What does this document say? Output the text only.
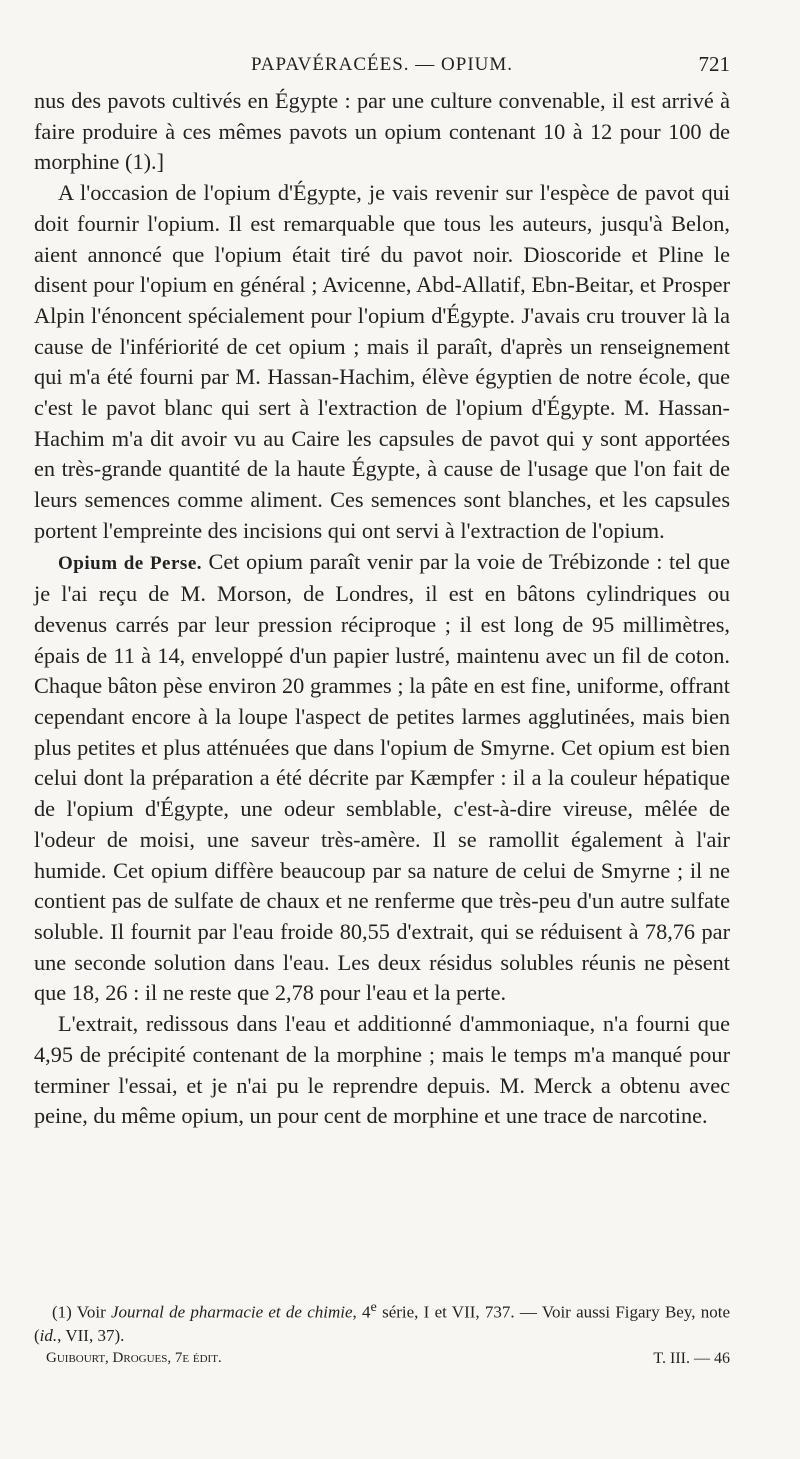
PAPAVÉRACÉES. — OPIUM.	721

nus des pavots cultivés en Égypte : par une culture convenable, il est arrivé à faire produire à ces mêmes pavots un opium contenant 10 à 12 pour 100 de morphine (1).]

A l'occasion de l'opium d'Égypte, je vais revenir sur l'espèce de pavot qui doit fournir l'opium. Il est remarquable que tous les auteurs, jusqu'à Belon, aient annoncé que l'opium était tiré du pavot noir. Dioscoride et Pline le disent pour l'opium en général ; Avicenne, Abd-Allatif, Ebn-Beitar, et Prosper Alpin l'énoncent spécialement pour l'opium d'Égypte. J'avais cru trouver là la cause de l'infériorité de cet opium ; mais il paraît, d'après un renseignement qui m'a été fourni par M. Hassan-Hachim, élève égyptien de notre école, que c'est le pavot blanc qui sert à l'extraction de l'opium d'Égypte. M. Hassan-Hachim m'a dit avoir vu au Caire les capsules de pavot qui y sont apportées en très-grande quantité de la haute Égypte, à cause de l'usage que l'on fait de leurs semences comme aliment. Ces semences sont blanches, et les capsules portent l'empreinte des incisions qui ont servi à l'extraction de l'opium.

Opium de Perse. Cet opium paraît venir par la voie de Trébizonde : tel que je l'ai reçu de M. Morson, de Londres, il est en bâtons cylindriques ou devenus carrés par leur pression réciproque ; il est long de 95 millimètres, épais de 11 à 14, enveloppé d'un papier lustré, maintenu avec un fil de coton. Chaque bâton pèse environ 20 grammes ; la pâte en est fine, uniforme, offrant cependant encore à la loupe l'aspect de petites larmes agglutinées, mais bien plus petites et plus atténuées que dans l'opium de Smyrne. Cet opium est bien celui dont la préparation a été décrite par Kæmpfer : il a la couleur hépatique de l'opium d'Égypte, une odeur semblable, c'est-à-dire vireuse, mêlée de l'odeur de moisi, une saveur très-amère. Il se ramollit également à l'air humide. Cet opium diffère beaucoup par sa nature de celui de Smyrne ; il ne contient pas de sulfate de chaux et ne renferme que très-peu d'un autre sulfate soluble. Il fournit par l'eau froide 80,55 d'extrait, qui se réduisent à 78,76 par une seconde solution dans l'eau. Les deux résidus solubles réunis ne pèsent que 18, 26 : il ne reste que 2,78 pour l'eau et la perte.

L'extrait, redissous dans l'eau et additionné d'ammoniaque, n'a fourni que 4,95 de précipité contenant de la morphine ; mais le temps m'a manqué pour terminer l'essai, et je n'ai pu le reprendre depuis. M. Merck a obtenu avec peine, du même opium, un pour cent de morphine et une trace de narcotine.

(1) Voir Journal de pharmacie et de chimie, 4e série, I et VII, 737. — Voir aussi Figary Bey, note (id., VII, 37).

Guibourt, Drogues, 7e édit.	T. III. — 46
